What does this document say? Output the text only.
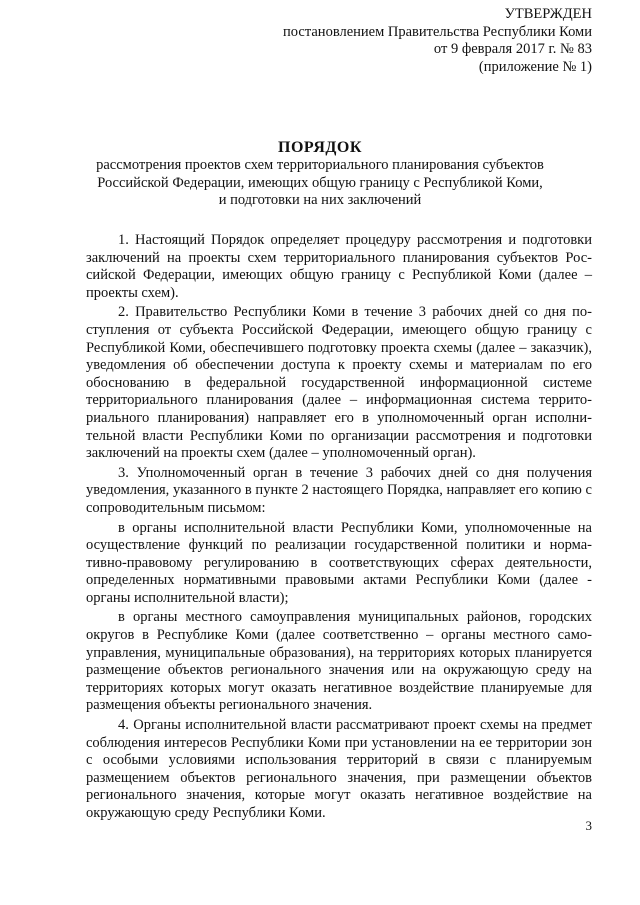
УТВЕРЖДЕН
постановлением Правительства Республики Коми
от 9 февраля 2017 г. № 83
(приложение № 1)
ПОРЯДОК
рассмотрения проектов схем территориального планирования субъектов
Российской Федерации, имеющих общую границу с Республикой Коми,
и подготовки на них заключений

1. Настоящий Порядок определяет процедуру рассмотрения и подготовки заключений на проекты схем территориального планирования субъектов Российской Федерации, имеющих общую границу с Республикой Коми (далее – проекты схем).

2. Правительство Республики Коми в течение 3 рабочих дней со дня поступления от субъекта Российской Федерации, имеющего общую границу с Республикой Коми, обеспечившего подготовку проекта схемы (далее – заказчик), уведомления об обеспечении доступа к проекту схемы и материалам по его обоснованию в федеральной государственной информационной системе территориального планирования (далее – информационная система территориального планирования) направляет его в уполномоченный орган исполнительной власти Республики Коми по организации рассмотрения и подготовки заключений на проекты схем (далее – уполномоченный орган).

3. Уполномоченный орган в течение 3 рабочих дней со дня получения уведомления, указанного в пункте 2 настоящего Порядка, направляет его копию с сопроводительным письмом:

в органы исполнительной власти Республики Коми, уполномоченные на осуществление функций по реализации государственной политики и нормативно-правовому регулированию в соответствующих сферах деятельности, определенных нормативными правовыми актами Республики Коми (далее - органы исполнительной власти);

в органы местного самоуправления муниципальных районов, городских округов в Республике Коми (далее соответственно – органы местного самоуправления, муниципальные образования), на территориях которых планируется размещение объектов регионального значения или на окружающую среду на территориях которых могут оказать негативное воздействие планируемые для размещения объекты регионального значения.

4. Органы исполнительной власти рассматривают проект схемы на предмет соблюдения интересов Республики Коми при установлении на ее территории зон с особыми условиями использования территорий в связи с планируемым размещением объектов регионального значения, при размещении объектов регионального значения, которые могут оказать негативное воздействие на окружающую среду Республики Коми.

3
